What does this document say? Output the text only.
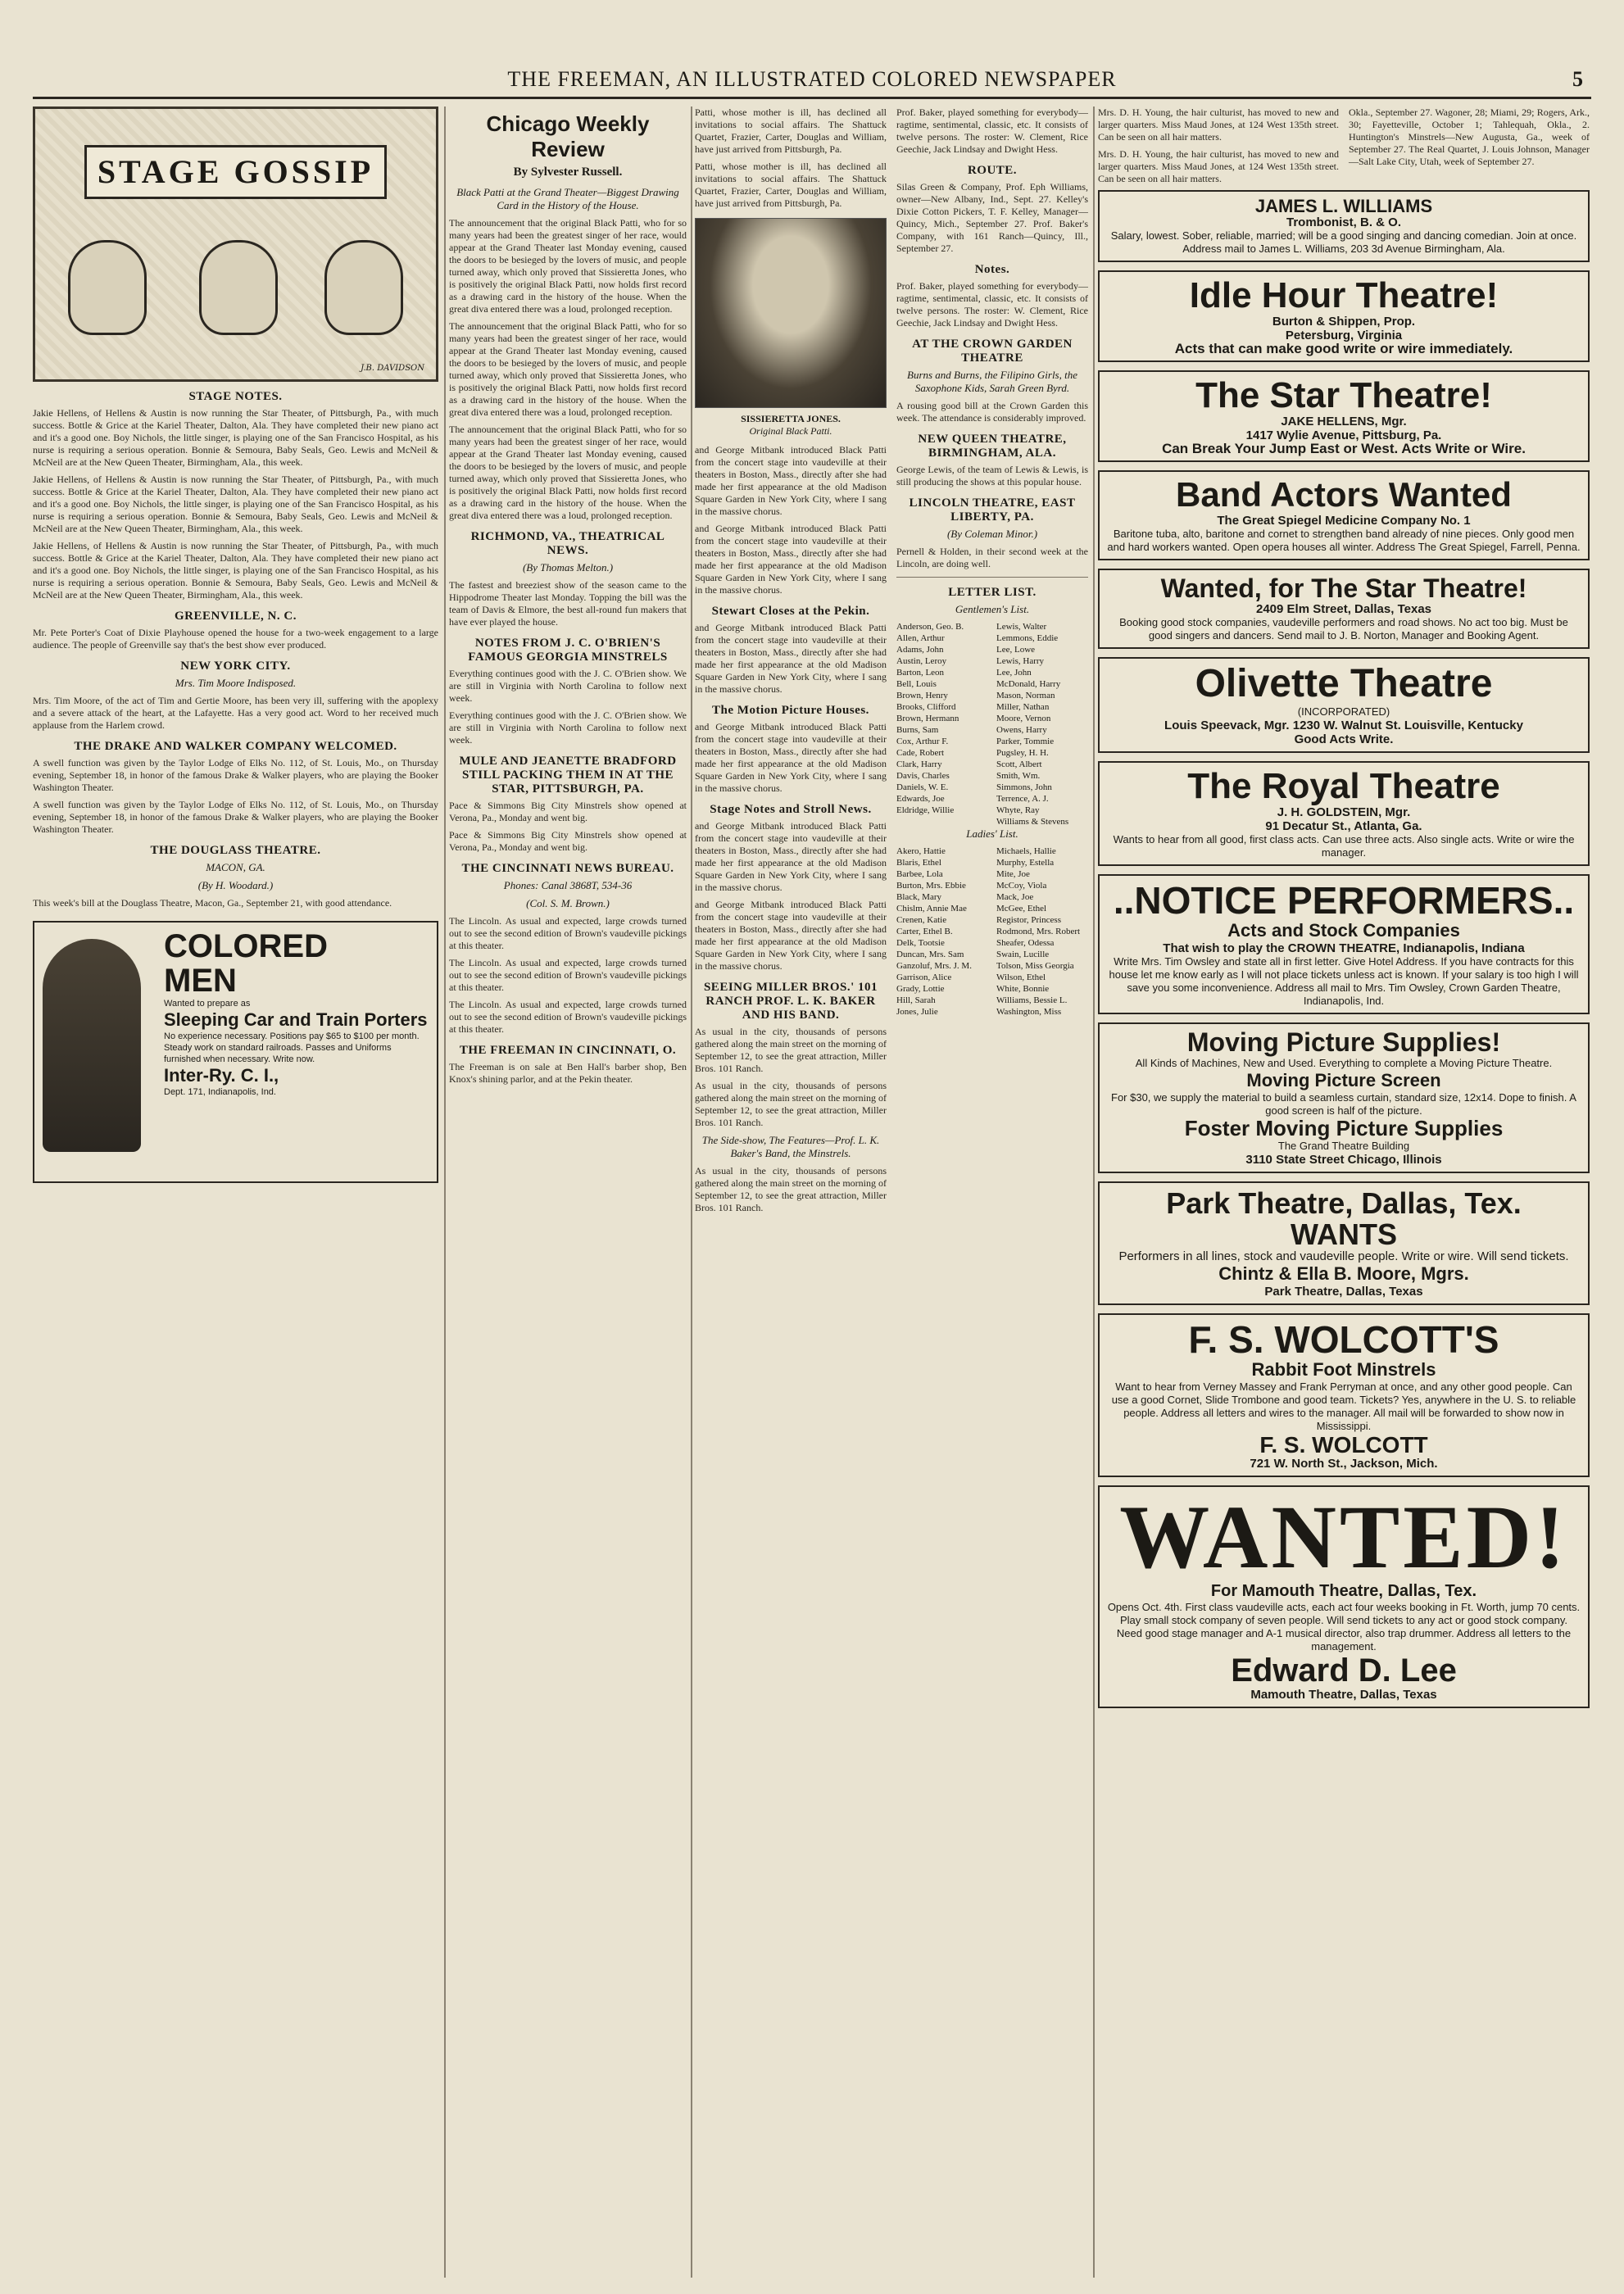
THE FREEMAN, AN ILLUSTRATED COLORED NEWSPAPER	5
STAGE GOSSIP
J.B. DAVIDSON
STAGE NOTES.

Jakie Hellens, of Hellens & Austin is now running the Star Theater, of Pittsburgh, Pa., with much success. Bottle & Grice at the Kariel Theater, Dalton, Ala. They have completed their new piano act and it's a good one. Boy Nichols, the little singer, is playing one of the San Francisco Hospital, as his nurse is requiring a serious operation. Bonnie & Semoura, Baby Seals, Geo. Lewis and McNeil & McNeil are at the New Queen Theater, Birmingham, Ala., this week.

Jakie Hellens, of Hellens & Austin is now running the Star Theater, of Pittsburgh, Pa., with much success. Bottle & Grice at the Kariel Theater, Dalton, Ala. They have completed their new piano act and it's a good one. Boy Nichols, the little singer, is playing one of the San Francisco Hospital, as his nurse is requiring a serious operation. Bonnie & Semoura, Baby Seals, Geo. Lewis and McNeil & McNeil are at the New Queen Theater, Birmingham, Ala., this week.

Jakie Hellens, of Hellens & Austin is now running the Star Theater, of Pittsburgh, Pa., with much success. Bottle & Grice at the Kariel Theater, Dalton, Ala. They have completed their new piano act and it's a good one. Boy Nichols, the little singer, is playing one of the San Francisco Hospital, as his nurse is requiring a serious operation. Bonnie & Semoura, Baby Seals, Geo. Lewis and McNeil & McNeil are at the New Queen Theater, Birmingham, Ala., this week.

GREENVILLE, N. C.

Mr. Pete Porter's Coat of Dixie Playhouse opened the house for a two-week engagement to a large audience. The people of Greenville say that's the best show ever produced.

NEW YORK CITY.
Mrs. Tim Moore Indisposed.

Mrs. Tim Moore, of the act of Tim and Gertie Moore, has been very ill, suffering with the apoplexy and a severe attack of the heart, at the Lafayette. Has a very good act. Word to her received much applause from the Harlem crowd.

THE DRAKE AND WALKER COMPANY WELCOMED.

A swell function was given by the Taylor Lodge of Elks No. 112, of St. Louis, Mo., on Thursday evening, September 18, in honor of the famous Drake & Walker players, who are playing the Booker Washington Theater.

A swell function was given by the Taylor Lodge of Elks No. 112, of St. Louis, Mo., on Thursday evening, September 18, in honor of the famous Drake & Walker players, who are playing the Booker Washington Theater.

THE DOUGLASS THEATRE.
MACON, GA.
(By H. Woodard.)

This week's bill at the Douglass Theatre, Macon, Ga., September 21, with good attendance.

COLORED
MEN
Wanted to prepare as
Sleeping Car and Train Porters
No experience necessary. Positions pay $65 to $100 per month. Steady work on standard railroads. Passes and Uniforms furnished when necessary. Write now.
Inter-Ry. C. I.,
Dept. 171, Indianapolis, Ind.
Chicago Weekly Review
By Sylvester Russell.
Black Patti at the Grand Theater—Biggest Drawing Card in the History of the House.

The announcement that the original Black Patti, who for so many years had been the greatest singer of her race, would appear at the Grand Theater last Monday evening, caused the doors to be besieged by the lovers of music, and people turned away, which only proved that Sissieretta Jones, who is positively the original Black Patti, now holds first record as a drawing card in the history of the house. When the great diva entered there was a loud, prolonged reception.

The announcement that the original Black Patti, who for so many years had been the greatest singer of her race, would appear at the Grand Theater last Monday evening, caused the doors to be besieged by the lovers of music, and people turned away, which only proved that Sissieretta Jones, who is positively the original Black Patti, now holds first record as a drawing card in the history of the house. When the great diva entered there was a loud, prolonged reception.

The announcement that the original Black Patti, who for so many years had been the greatest singer of her race, would appear at the Grand Theater last Monday evening, caused the doors to be besieged by the lovers of music, and people turned away, which only proved that Sissieretta Jones, who is positively the original Black Patti, now holds first record as a drawing card in the history of the house. When the great diva entered there was a loud, prolonged reception.

RICHMOND, VA., THEATRICAL NEWS.
(By Thomas Melton.)

The fastest and breeziest show of the season came to the Hippodrome Theater last Monday. Topping the bill was the team of Davis & Elmore, the best all-round fun makers that have ever played the house.

NOTES FROM J. C. O'BRIEN'S FAMOUS GEORGIA MINSTRELS

Everything continues good with the J. C. O'Brien show. We are still in Virginia with North Carolina to follow next week.

Everything continues good with the J. C. O'Brien show. We are still in Virginia with North Carolina to follow next week.

MULE AND JEANETTE BRADFORD STILL PACKING THEM IN AT THE STAR, PITTSBURGH, PA.

Pace & Simmons Big City Minstrels show opened at Verona, Pa., Monday and went big.

Pace & Simmons Big City Minstrels show opened at Verona, Pa., Monday and went big.

THE CINCINNATI NEWS BUREAU.
Phones: Canal 3868T, 534-36
(Col. S. M. Brown.)

The Lincoln. As usual and expected, large crowds turned out to see the second edition of Brown's vaudeville pickings at this theater.

The Lincoln. As usual and expected, large crowds turned out to see the second edition of Brown's vaudeville pickings at this theater.

The Lincoln. As usual and expected, large crowds turned out to see the second edition of Brown's vaudeville pickings at this theater.

THE FREEMAN IN CINCINNATI, O.

The Freeman is on sale at Ben Hall's barber shop, Ben Knox's shining parlor, and at the Pekin theater.

Patti, whose mother is ill, has declined all invitations to social affairs. The Shattuck Quartet, Frazier, Carter, Douglas and William, have just arrived from Pittsburgh, Pa.

Patti, whose mother is ill, has declined all invitations to social affairs. The Shattuck Quartet, Frazier, Carter, Douglas and William, have just arrived from Pittsburgh, Pa.

SISSIERETTA JONES.
Original Black Patti.

and George Mitbank introduced Black Patti from the concert stage into vaudeville at their theaters in Boston, Mass., directly after she had made her first appearance at the old Madison Square Garden in New York City, where I sang in the massive chorus.

and George Mitbank introduced Black Patti from the concert stage into vaudeville at their theaters in Boston, Mass., directly after she had made her first appearance at the old Madison Square Garden in New York City, where I sang in the massive chorus.

Stewart Closes at the Pekin.

and George Mitbank introduced Black Patti from the concert stage into vaudeville at their theaters in Boston, Mass., directly after she had made her first appearance at the old Madison Square Garden in New York City, where I sang in the massive chorus.

The Motion Picture Houses.

and George Mitbank introduced Black Patti from the concert stage into vaudeville at their theaters in Boston, Mass., directly after she had made her first appearance at the old Madison Square Garden in New York City, where I sang in the massive chorus.

Stage Notes and Stroll News.

and George Mitbank introduced Black Patti from the concert stage into vaudeville at their theaters in Boston, Mass., directly after she had made her first appearance at the old Madison Square Garden in New York City, where I sang in the massive chorus.

and George Mitbank introduced Black Patti from the concert stage into vaudeville at their theaters in Boston, Mass., directly after she had made her first appearance at the old Madison Square Garden in New York City, where I sang in the massive chorus.

SEEING MILLER BROS.' 101 RANCH PROF. L. K. BAKER AND HIS BAND.

As usual in the city, thousands of persons gathered along the main street on the morning of September 12, to see the great attraction, Miller Bros. 101 Ranch.

As usual in the city, thousands of persons gathered along the main street on the morning of September 12, to see the great attraction, Miller Bros. 101 Ranch.

The Side-show, The Features—Prof. L. K. Baker's Band, the Minstrels.

As usual in the city, thousands of persons gathered along the main street on the morning of September 12, to see the great attraction, Miller Bros. 101 Ranch.

Prof. Baker, played something for everybody—ragtime, sentimental, classic, etc. It consists of twelve persons. The roster: W. Clement, Rice Geechie, Jack Lindsay and Dwight Hess.

ROUTE.

Silas Green & Company, Prof. Eph Williams, owner—New Albany, Ind., Sept. 27. Kelley's Dixie Cotton Pickers, T. F. Kelley, Manager—Quincy, Mich., September 27. Prof. Baker's Company, with 161 Ranch—Quincy, Ill., September 27.

Notes.

Prof. Baker, played something for everybody—ragtime, sentimental, classic, etc. It consists of twelve persons. The roster: W. Clement, Rice Geechie, Jack Lindsay and Dwight Hess.

AT THE CROWN GARDEN THEATRE
Burns and Burns, the Filipino Girls, the Saxophone Kids, Sarah Green Byrd.

A rousing good bill at the Crown Garden this week. The attendance is considerably improved.

NEW QUEEN THEATRE, BIRMINGHAM, ALA.

George Lewis, of the team of Lewis & Lewis, is still producing the shows at this popular house.

LINCOLN THEATRE, EAST LIBERTY, PA.
(By Coleman Minor.)

Pernell & Holden, in their second week at the Lincoln, are doing well.

LETTER LIST.
Gentlemen's List.
Anderson, Geo. B.
Allen, Arthur
Adams, John
Austin, Leroy
Barton, Leon
Bell, Louis
Brown, Henry
Brooks, Clifford
Brown, Hermann
Burns, Sam
Cox, Arthur F.
Cade, Robert
Clark, Harry
Davis, Charles
Daniels, W. E.
Edwards, Joe
Eldridge, Willie
Lewis, Walter
Lemmons, Eddie
Lee, Lowe
Lewis, Harry
Lee, John
McDonald, Harry
Mason, Norman
Miller, Nathan
Moore, Vernon
Owens, Harry
Parker, Tommie
Pugsley, H. H.
Scott, Albert
Smith, Wm.
Simmons, John
Terrence, A. J.
Whyte, Ray
Williams & Stevens
Ladies' List.
Akero, Hattie
Blaris, Ethel
Barbee, Lola
Burton, Mrs. Ebbie
Black, Mary
Chislm, Annie Mae
Crenen, Katie
Carter, Ethel B.
Delk, Tootsie
Duncan, Mrs. Sam
Ganzoluf, Mrs. J. M.
Garrison, Alice
Grady, Lottie
Hill, Sarah
Jones, Julie
Michaels, Hallie
Murphy, Estella
Mite, Joe
McCoy, Viola
Mack, Joe
McGee, Ethel
Registor, Princess
Rodmond, Mrs. Robert
Sheafer, Odessa
Swain, Lucille
Tolson, Miss Georgia
Wilson, Ethel
White, Bonnie
Williams, Bessie L.
Washington, Miss

Mrs. D. H. Young, the hair culturist, has moved to new and larger quarters. Miss Maud Jones, at 124 West 135th street. Can be seen on all hair matters.

Mrs. D. H. Young, the hair culturist, has moved to new and larger quarters. Miss Maud Jones, at 124 West 135th street. Can be seen on all hair matters.

Okla., September 27. Wagoner, 28; Miami, 29; Rogers, Ark., 30; Fayetteville, October 1; Tahlequah, Okla., 2. Huntington's Minstrels—New Augusta, Ga., week of September 27. The Real Quartet, J. Louis Johnson, Manager—Salt Lake City, Utah, week of September 27.

JAMES L. WILLIAMS
Trombonist, B. & O.
Salary, lowest. Sober, reliable, married; will be a good singing and dancing comedian. Join at once. Address mail to James L. Williams, 203 3d Avenue Birmingham, Ala.
Idle Hour Theatre!
Burton & Shippen, Prop.
Petersburg, Virginia
Acts that can make good write or wire immediately.
The Star Theatre!
JAKE HELLENS, Mgr.
1417 Wylie Avenue, Pittsburg, Pa.
Can Break Your Jump East or West. Acts Write or Wire.
Band Actors Wanted
The Great Spiegel Medicine Company No. 1
Baritone tuba, alto, baritone and cornet to strengthen band already of nine pieces. Only good men and hard workers wanted. Open opera houses all winter. Address The Great Spiegel, Farrell, Penna.
Wanted, for The Star Theatre!
2409 Elm Street, Dallas, Texas
Booking good stock companies, vaudeville performers and road shows. No act too big. Must be good singers and dancers. Send mail to J. B. Norton, Manager and Booking Agent.
Olivette Theatre
(INCORPORATED)
Louis Speevack, Mgr. 1230 W. Walnut St. Louisville, Kentucky
Good Acts Write.
The Royal Theatre
J. H. GOLDSTEIN, Mgr.
91 Decatur St., Atlanta, Ga.
Wants to hear from all good, first class acts. Can use three acts. Also single acts. Write or wire the manager.
..NOTICE PERFORMERS..
Acts and Stock Companies
That wish to play the CROWN THEATRE, Indianapolis, Indiana
Write Mrs. Tim Owsley and state all in first letter. Give Hotel Address. If you have contracts for this house let me know early as I will not place tickets unless act is known. If your salary is too high I will save you some inconvenience. Address all mail to Mrs. Tim Owsley, Crown Garden Theatre, Indianapolis, Ind.
Moving Picture Supplies!
All Kinds of Machines, New and Used. Everything to complete a Moving Picture Theatre.
Moving Picture Screen
For $30, we supply the material to build a seamless curtain, standard size, 12x14. Dope to finish. A good screen is half of the picture.
Foster Moving Picture Supplies
The Grand Theatre Building
3110 State Street Chicago, Illinois
Park Theatre, Dallas, Tex.
WANTS
Performers in all lines, stock and vaudeville people. Write or wire. Will send tickets.
Chintz & Ella B. Moore, Mgrs.
Park Theatre, Dallas, Texas
F. S. WOLCOTT'S
Rabbit Foot Minstrels
Want to hear from Verney Massey and Frank Perryman at once, and any other good people. Can use a good Cornet, Slide Trombone and good team. Tickets? Yes, anywhere in the U. S. to reliable people. Address all letters and wires to the manager. All mail will be forwarded to show now in Mississippi.
F. S. WOLCOTT
721 W. North St., Jackson, Mich.
WANTED!
For Mamouth Theatre, Dallas, Tex.
Opens Oct. 4th. First class vaudeville acts, each act four weeks booking in Ft. Worth, jump 70 cents. Play small stock company of seven people. Will send tickets to any act or good stock company. Need good stage manager and A-1 musical director, also trap drummer. Address all letters to the management.
Edward D. Lee
Mamouth Theatre, Dallas, Texas
